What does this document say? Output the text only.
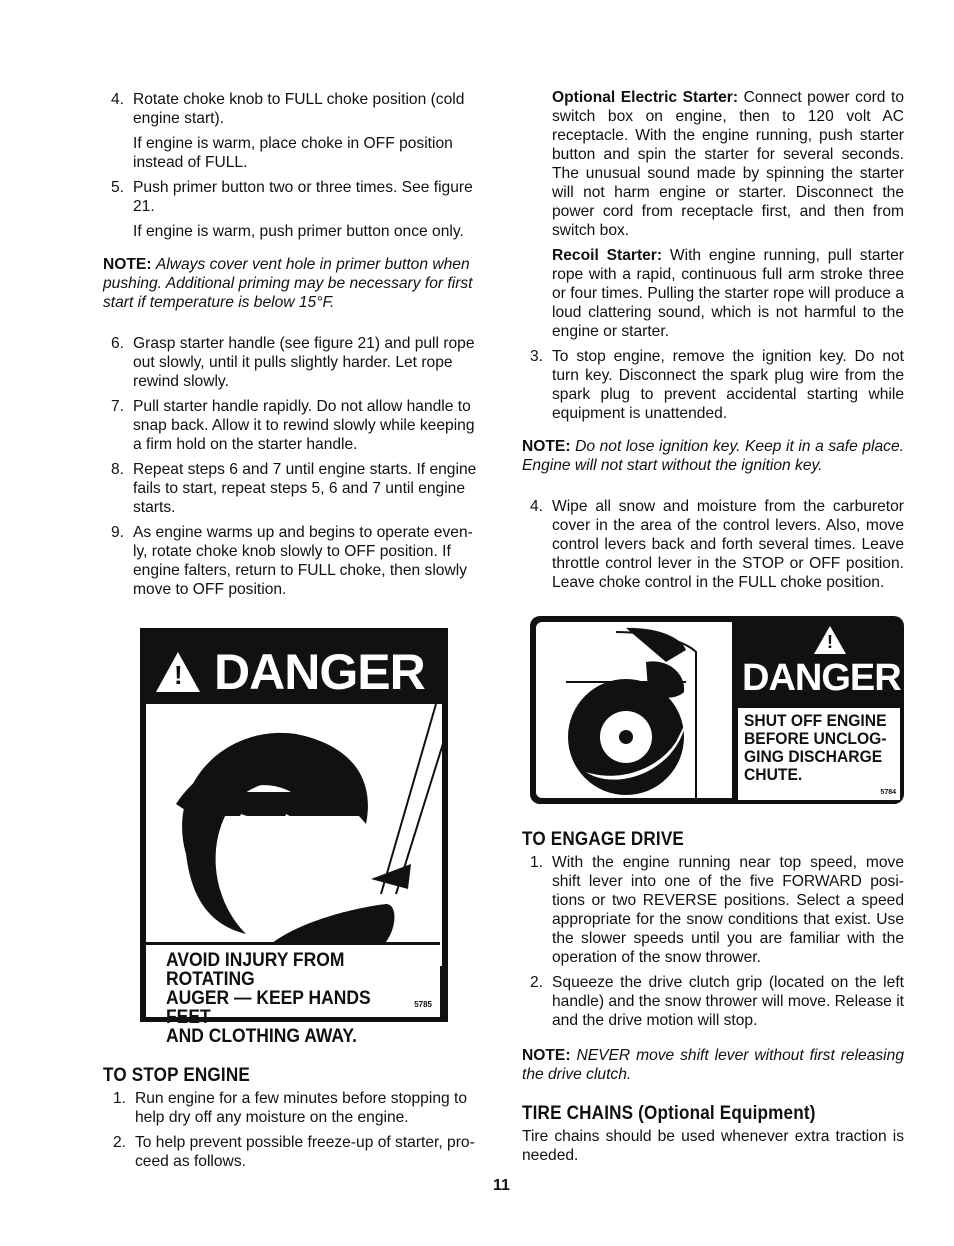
4. Rotate choke knob to FULL choke position (cold engine start).
If engine is warm, place choke in OFF position instead of FULL.
5. Push primer button two or three times. See figure 21.
If engine is warm, push primer button once only.
NOTE: Always cover vent hole in primer button when pushing. Additional priming may be necessary for first start if temperature is below 15°F.
6. Grasp starter handle (see figure 21) and pull rope out slowly, until it pulls slightly harder. Let rope rewind slowly.
7. Pull starter handle rapidly. Do not allow handle to snap back. Allow it to rewind slowly while keeping a firm hold on the starter handle.
8. Repeat steps 6 and 7 until engine starts. If engine fails to start, repeat steps 5, 6 and 7 until engine starts.
9. As engine warms up and begins to operate even-ly, rotate choke knob slowly to OFF position. If engine falters, return to FULL choke, then slowly move to OFF position.
! DANGER
AVOID INJURY FROM ROTATING
AUGER — KEEP HANDS FEET
AND CLOTHING AWAY.
5785
TO STOP ENGINE
1. Run engine for a few minutes before stopping to help dry off any moisture on the engine.
2. To help prevent possible freeze-up of starter, pro-ceed as follows.
Optional Electric Starter: Connect power cord to switch box on engine, then to 120 volt AC receptacle. With the engine running, push starter button and spin the starter for several seconds. The unusual sound made by spinning the starter will not harm engine or starter. Disconnect the power cord from receptacle first, and then from switch box.
Recoil Starter: With engine running, pull starter rope with a rapid, continuous full arm stroke three or four times. Pulling the starter rope will produce a loud clattering sound, which is not harmful to the engine or starter.
3. To stop engine, remove the ignition key. Do not turn key. Disconnect the spark plug wire from the spark plug to prevent accidental starting while equipment is unattended.
NOTE: Do not lose ignition key. Keep it in a safe place. Engine will not start without the ignition key.
4. Wipe all snow and moisture from the carburetor cover in the area of the control levers. Also, move control levers back and forth several times. Leave throttle control lever in the STOP or OFF position. Leave choke control in the FULL choke position.
!
DANGER
SHUT OFF ENGINE
BEFORE UNCLOG-
GING DISCHARGE
CHUTE.
5784
TO ENGAGE DRIVE
1. With the engine running near top speed, move shift lever into one of the five FORWARD posi-tions or two REVERSE positions. Select a speed appropriate for the snow conditions that exist. Use the slower speeds until you are familiar with the operation of the snow thrower.
2. Squeeze the drive clutch grip (located on the left handle) and the snow thrower will move. Release it and the drive motion will stop.
NOTE: NEVER move shift lever without first releasing the drive clutch.
TIRE CHAINS (Optional Equipment)
Tire chains should be used whenever extra traction is needed.
11
